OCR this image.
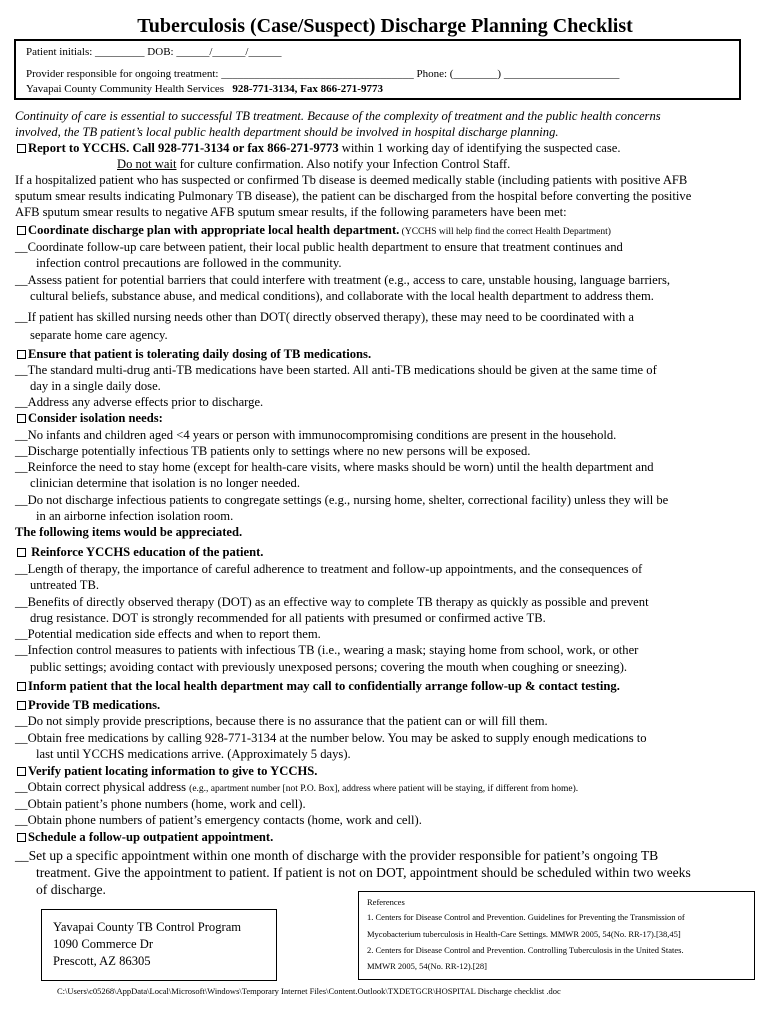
Tuberculosis (Case/Suspect) Discharge Planning Checklist
Patient initials: _________ DOB: ______/______/______
Provider responsible for ongoing treatment: ___________________________________ Phone: (________) _____________________
Yavapai County Community Health Services 928-771-3134, Fax 866-271-9773
Continuity of care is essential to successful TB treatment. Because of the complexity of treatment and the public health concerns
involved, the TB patient’s local public health department should be involved in hospital discharge planning.
Report to YCCHS. Call 928-771-3134 or fax 866-271-9773 within 1 working day of identifying the suspected case.
Do not wait for culture confirmation. Also notify your Infection Control Staff.
If a hospitalized patient who has suspected or confirmed Tb disease is deemed medically stable (including patients with positive AFB
sputum smear results indicating Pulmonary TB disease), the patient can be discharged from the hospital before converting the positive
AFB sputum smear results to negative AFB sputum smear results, if the following parameters have been met:
Coordinate discharge plan with appropriate local health department. (YCCHS will help find the correct Health Department)
__Coordinate follow-up care between patient, their local public health department to ensure that treatment continues and
infection control precautions are followed in the community.
__Assess patient for potential barriers that could interfere with treatment (e.g., access to care, unstable housing, language barriers,
cultural beliefs, substance abuse, and medical conditions), and collaborate with the local health department to address them.
__If patient has skilled nursing needs other than DOT( directly observed therapy), these may need to be coordinated with a
separate home care agency.
Ensure that patient is tolerating daily dosing of TB medications.
__The standard multi-drug anti-TB medications have been started. All anti-TB medications should be given at the same time of
day in a single daily dose.
__Address any adverse effects prior to discharge.
Consider isolation needs:
__No infants and children aged <4 years or person with immunocompromising conditions are present in the household.
__Discharge potentially infectious TB patients only to settings where no new persons will be exposed.
__Reinforce the need to stay home (except for health-care visits, where masks should be worn) until the health department and
clinician determine that isolation is no longer needed.
__Do not discharge infectious patients to congregate settings (e.g., nursing home, shelter, correctional facility) unless they will be
in an airborne infection isolation room.
The following items would be appreciated.
Reinforce YCCHS education of the patient.
__Length of therapy, the importance of careful adherence to treatment and follow-up appointments, and the consequences of
untreated TB.
__Benefits of directly observed therapy (DOT) as an effective way to complete TB therapy as quickly as possible and prevent
drug resistance. DOT is strongly recommended for all patients with presumed or confirmed active TB.
__Potential medication side effects and when to report them.
__Infection control measures to patients with infectious TB (i.e., wearing a mask; staying home from school, work, or other
public settings; avoiding contact with previously unexposed persons; covering the mouth when coughing or sneezing).
Inform patient that the local health department may call to confidentially arrange follow-up & contact testing.
Provide TB medications.
__Do not simply provide prescriptions, because there is no assurance that the patient can or will fill them.
__Obtain free medications by calling 928-771-3134 at the number below. You may be asked to supply enough medications to
last until YCCHS medications arrive. (Approximately 5 days).
Verify patient locating information to give to YCCHS.
__Obtain correct physical address (e.g., apartment number [not P.O. Box], address where patient will be staying, if different from home).
__Obtain patient’s phone numbers (home, work and cell).
__Obtain phone numbers of patient’s emergency contacts (home, work and cell).
Schedule a follow-up outpatient appointment.
__Set up a specific appointment within one month of discharge with the provider responsible for patient’s ongoing TB
treatment. Give the appointment to patient. If patient is not on DOT, appointment should be scheduled within two weeks
of discharge.
Yavapai County TB Control Program
1090 Commerce Dr
Prescott, AZ 86305
References
1. Centers for Disease Control and Prevention. Guidelines for Preventing the Transmission of
Mycobacterium tuberculosis in Health-Care Settings. MMWR 2005, 54(No. RR-17).[38,45]
2. Centers for Disease Control and Prevention. Controlling Tuberculosis in the United States.
MMWR 2005, 54(No. RR-12).[28]
C:\Users\c05268\AppData\Local\Microsoft\Windows\Temporary Internet Files\Content.Outlook\TXDETGCR\HOSPITAL Discharge checklist .doc
